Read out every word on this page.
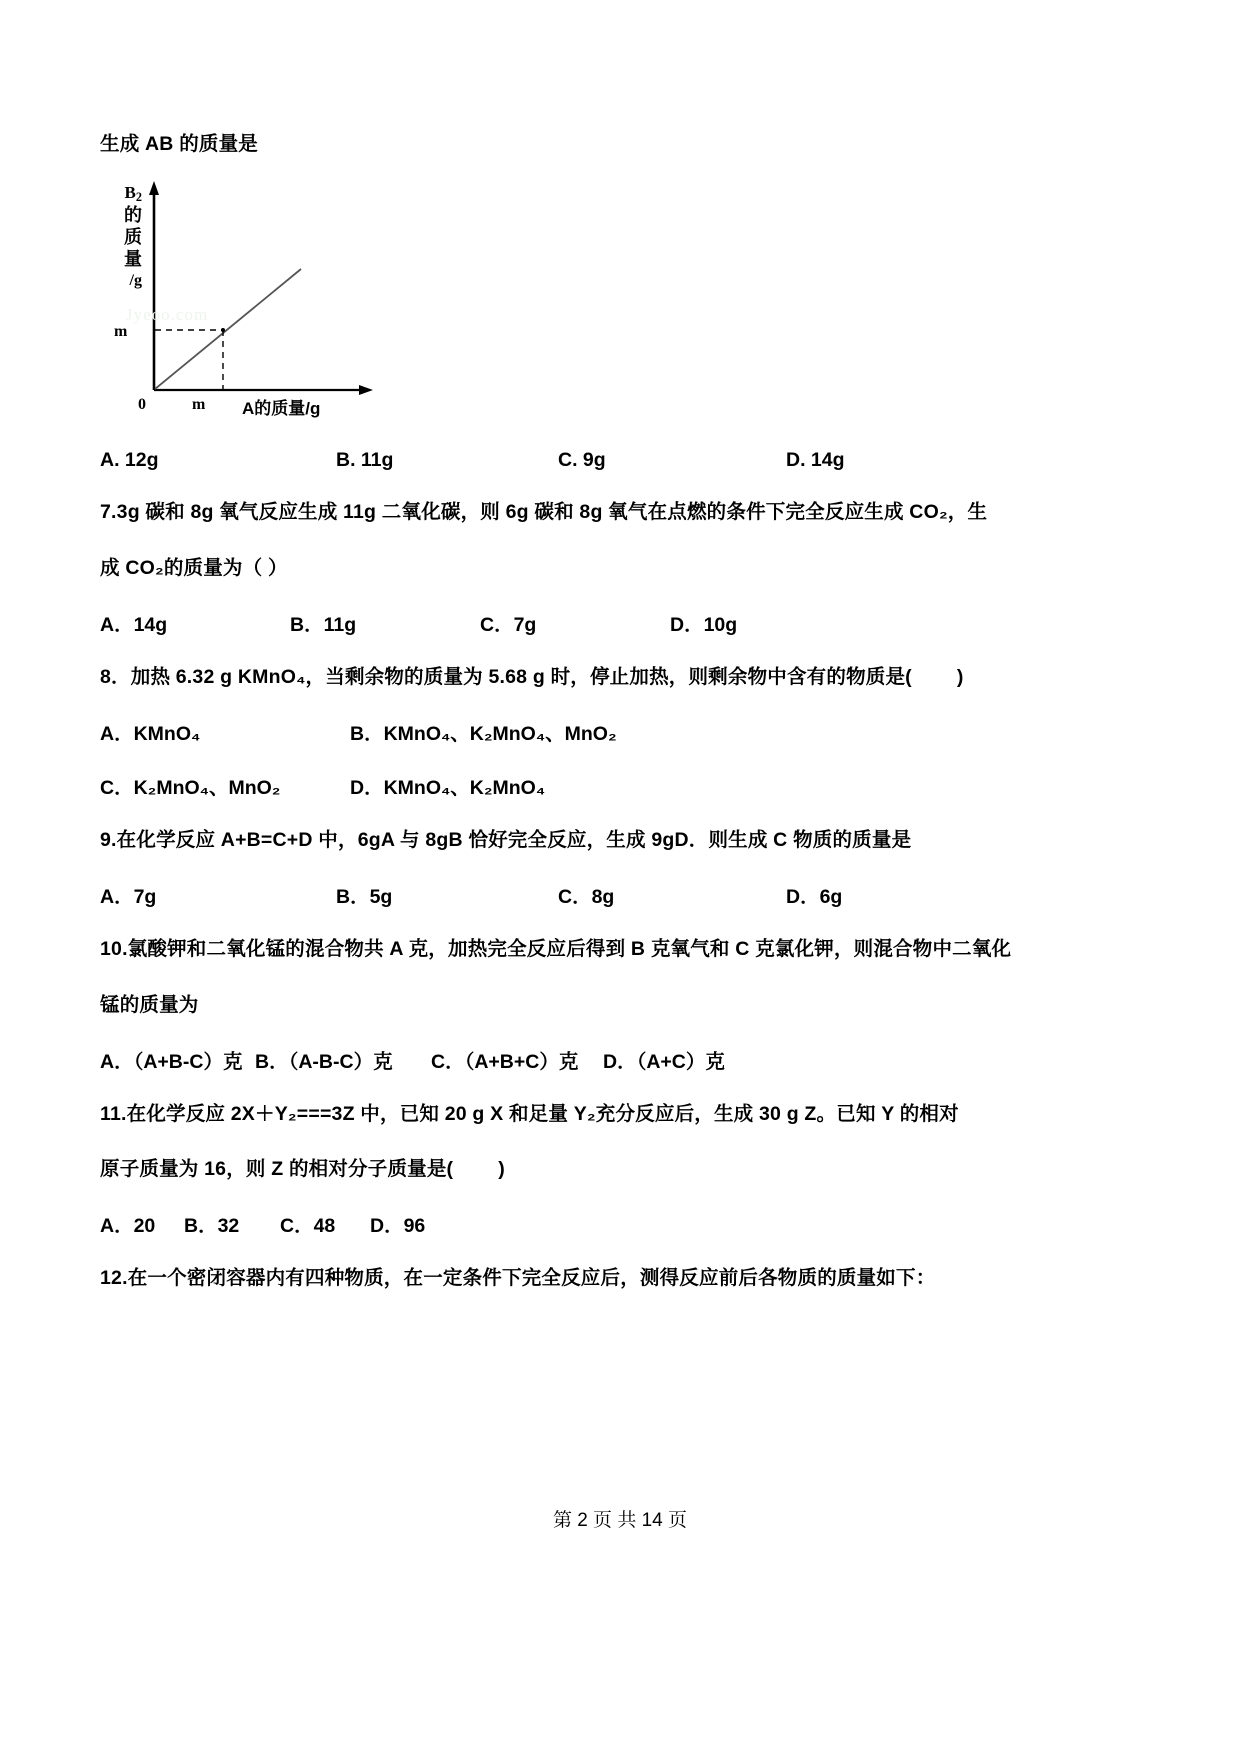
生成 AB 的质量是
Jyeoo.com
$B_2$
的
质
量
/g
m
0	m A的质量/g
A. 12g	B. 11g	C. 9g	D. 14g
7.3g 碳和 8g 氧气反应生成 11g 二氧化碳，则 6g 碳和 8g 氧气在点燃的条件下完全反应生成 CO₂，生
成 CO₂的质量为（ ）
A．14g	B．11g	C．7g	D．10g
8．加热 6.32 g KMnO₄，当剩余物的质量为 5.68 g 时，停止加热，则剩余物中含有的物质是(        )
A．KMnO₄	B．KMnO₄、K₂MnO₄、MnO₂
C．K₂MnO₄、MnO₂	D．KMnO₄、K₂MnO₄
9.在化学反应 A+B=C+D 中，6gA 与 8gB 恰好完全反应，生成 9gD．则生成 C 物质的质量是
A．7g	B．5g	C．8g	D．6g
10.氯酸钾和二氧化锰的混合物共 A 克，加热完全反应后得到 B 克氧气和 C 克氯化钾，则混合物中二氧化
锰的质量为
A．（A+B-C）克 B．（A-B-C）克 C．（A+B+C）克 D．（A+C）克
11.在化学反应 2X＋Y₂===3Z 中，已知 20 g X 和足量 Y₂充分反应后，生成 30 g Z。已知 Y 的相对
原子质量为 16，则 Z 的相对分子质量是(        )
A．20 B．32 C．48 D．96
12.在一个密闭容器内有四种物质，在一定条件下完全反应后，测得反应前后各物质的质量如下：
第 2 页 共 14 页
